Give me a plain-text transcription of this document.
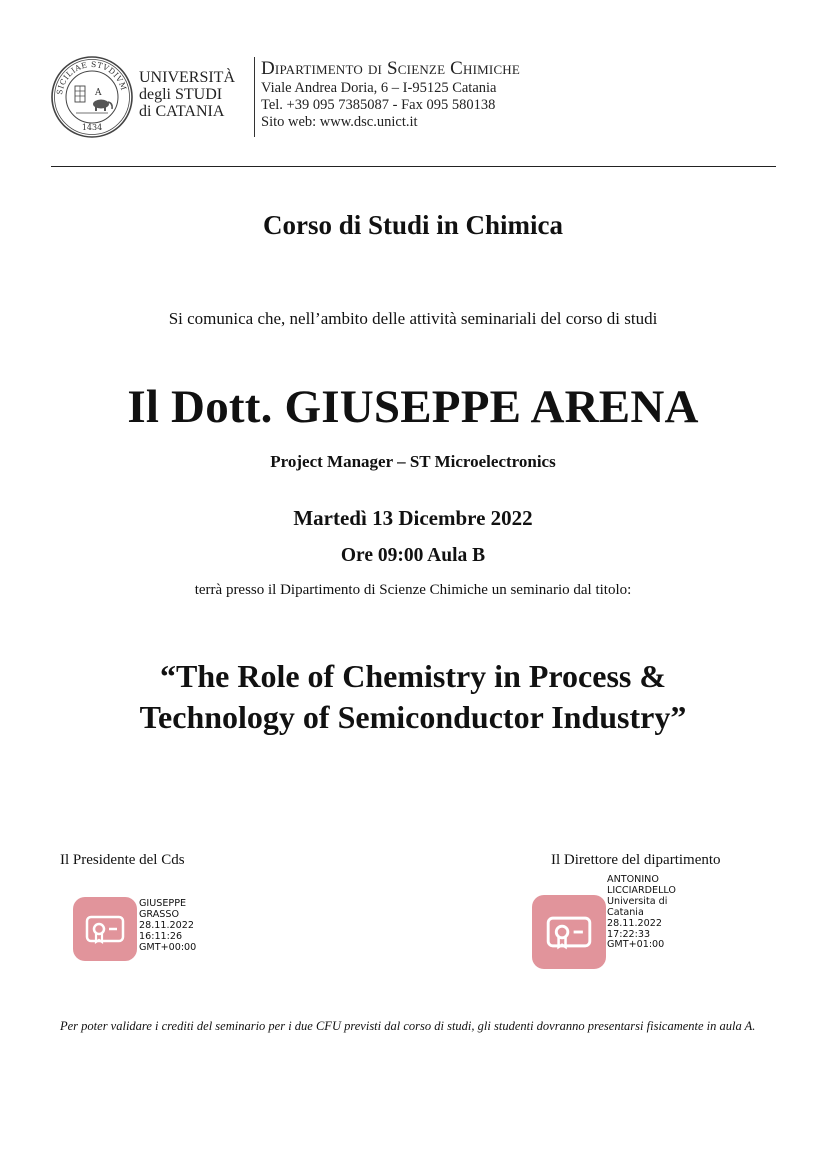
SICILIAE STVDIVM
A
1434
UNIVERSITÀ
degli STUDI
di CATANIA
Dipartimento di Scienze Chimiche
Viale Andrea Doria, 6 – I-95125 Catania
Tel. +39 095 7385087 - Fax 095 580138
Sito web: www.dsc.unict.it
Corso di Studi in Chimica
Si comunica che, nell’ambito delle attività seminariali del corso di studi
Il Dott. GIUSEPPE ARENA
Project Manager – ST Microelectronics
Martedì 13 Dicembre 2022
Ore 09:00 Aula B
terrà presso il Dipartimento di Scienze Chimiche un seminario dal titolo:
“The Role of Chemistry in Process &
Technology of Semiconductor Industry”
Il Presidente del Cds	Il Direttore del dipartimento
GIUSEPPE
GRASSO
28.11.2022
16:11:26
GMT+00:00
ANTONINO
LICCIARDELLO
Universita di
Catania
28.11.2022
17:22:33
GMT+01:00
Per poter validare i crediti del seminario per i due CFU previsti dal corso di studi, gli studenti dovranno presentarsi fisicamente in aula A.
